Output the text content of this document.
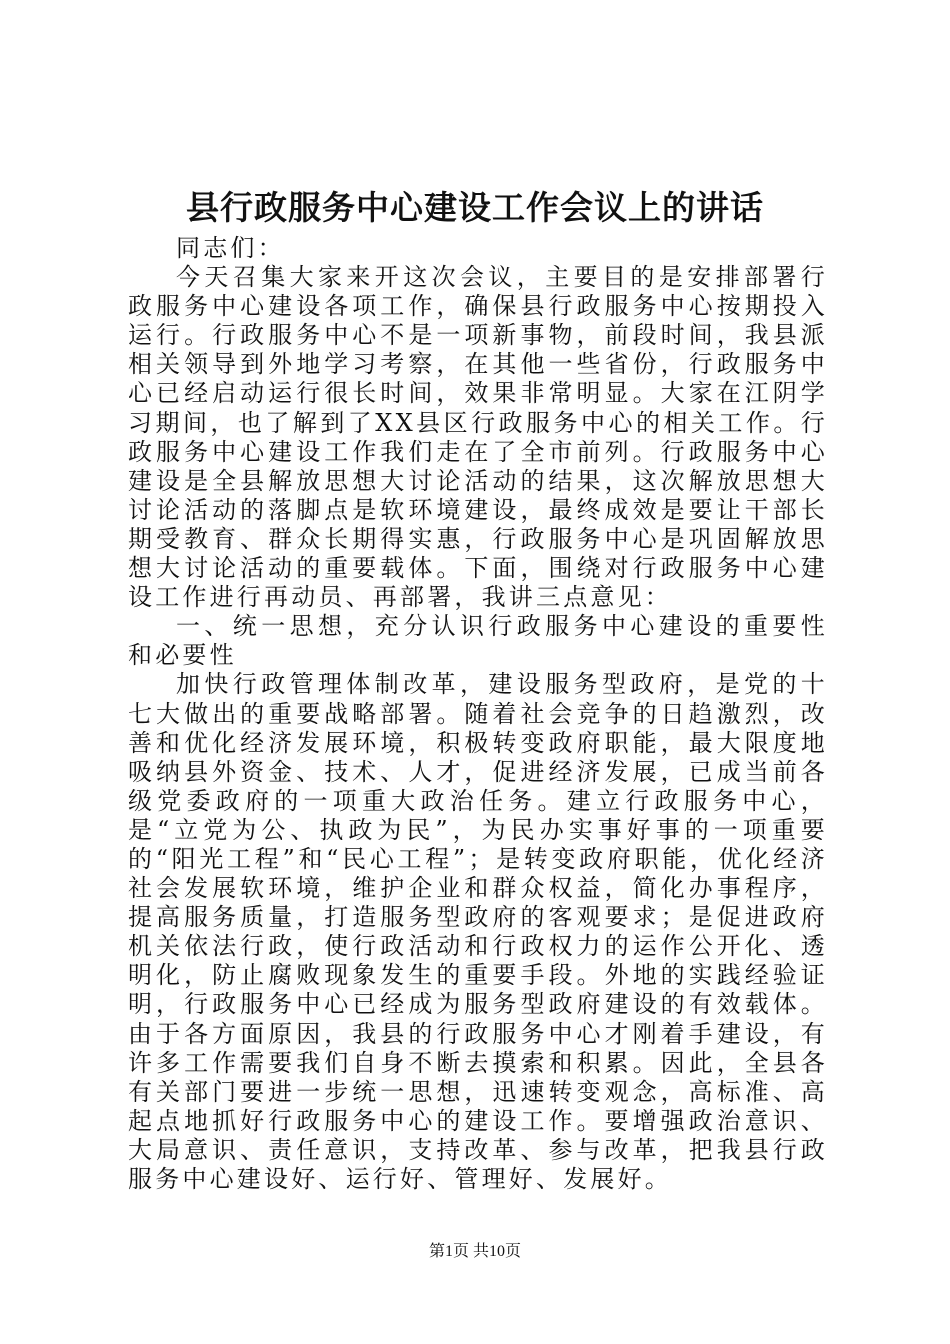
县行政服务中心建设工作会议上的讲话

同志们：

今天召集大家来开这次会议，主要目的是安排部署行政服务中心建设各项工作，确保县行政服务中心按期投入运行。行政服务中心不是一项新事物，前段时间，我县派相关领导到外地学习考察，在其他一些省份，行政服务中心已经启动运行很长时间，效果非常明显。大家在江阴学习期间，也了解到了XX县区行政服务中心的相关工作。行政服务中心建设工作我们走在了全市前列。行政服务中心建设是全县解放思想大讨论活动的结果，这次解放思想大讨论活动的落脚点是软环境建设，最终成效是要让干部长期受教育、群众长期得实惠，行政服务中心是巩固解放思想大讨论活动的重要载体。下面，围绕对行政服务中心建设工作进行再动员、再部署，我讲三点意见：

一、统一思想，充分认识行政服务中心建设的重要性和必要性

加快行政管理体制改革，建设服务型政府，是党的十七大做出的重要战略部署。随着社会竞争的日趋激烈，改善和优化经济发展环境，积极转变政府职能，最大限度地吸纳县外资金、技术、人才，促进经济发展，已成当前各级党委政府的一项重大政治任务。建立行政服务中心，是“立党为公、执政为民”，为民办实事好事的一项重要的“阳光工程”和“民心工程”；是转变政府职能，优化经济社会发展软环境，维护企业和群众权益，简化办事程序，提高服务质量，打造服务型政府的客观要求；是促进政府机关依法行政，使行政活动和行政权力的运作公开化、透明化，防止腐败现象发生的重要手段。外地的实践经验证明，行政服务中心已经成为服务型政府建设的有效载体。由于各方面原因，我县的行政服务中心才刚着手建设，有许多工作需要我们自身不断去摸索和积累。因此，全县各有关部门要进一步统一思想，迅速转变观念，高标准、高起点地抓好行政服务中心的建设工作。要增强政治意识、大局意识、责任意识，支持改革、参与改革，把我县行政服务中心建设好、运行好、管理好、发展好。

第1页 共10页
